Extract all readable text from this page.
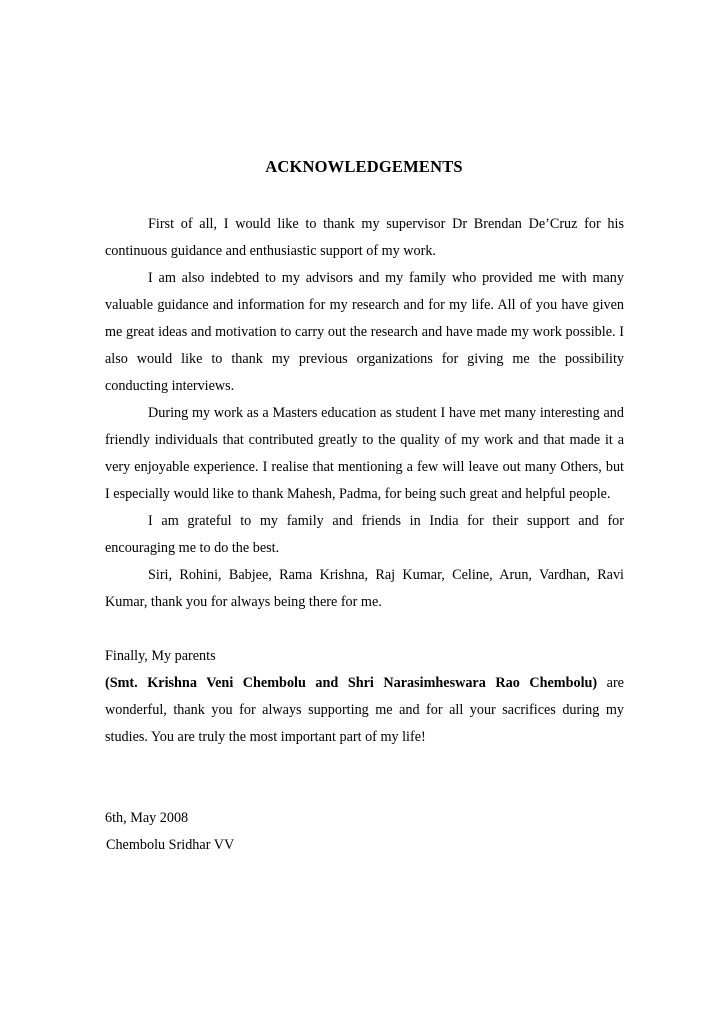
ACKNOWLEDGEMENTS

First of all, I would like to thank my supervisor Dr Brendan De’Cruz for his continuous guidance and enthusiastic support of my work.

I am also indebted to my advisors and my family who provided me with many valuable guidance and information for my research and for my life. All of you have given me great ideas and motivation to carry out the research and have made my work possible. I also would like to thank my previous organizations for giving me the possibility conducting interviews.

During my work as a Masters education as student I have met many interesting and friendly individuals that contributed greatly to the quality of my work and that made it a very enjoyable experience. I realise that mentioning a few will leave out many Others, but I especially would like to thank Mahesh, Padma, for being such great and helpful people.

I am grateful to my family and friends in India for their support and for encouraging me to do the best.

Siri, Rohini, Babjee, Rama Krishna, Raj Kumar, Celine, Arun, Vardhan, Ravi Kumar, thank you for always being there for me.

Finally, My parents

(Smt. Krishna Veni Chembolu and Shri Narasimheswara Rao Chembolu) are wonderful, thank you for always supporting me and for all your sacrifices during my studies. You are truly the most important part of my life!

6th, May 2008

Chembolu Sridhar VV
